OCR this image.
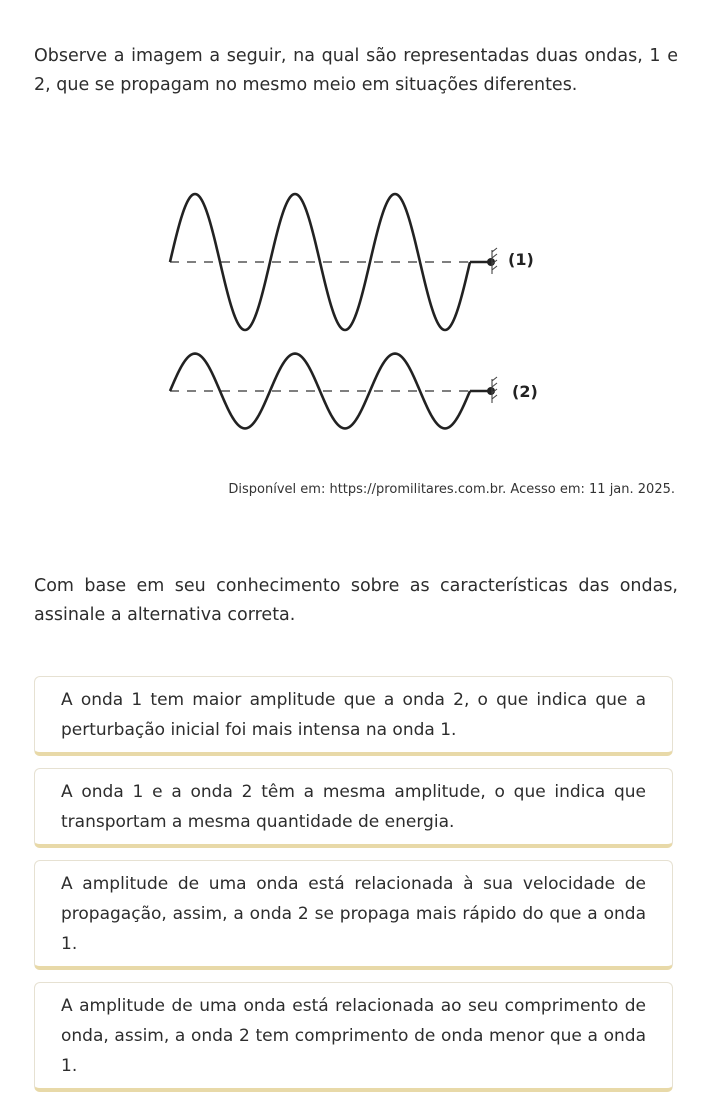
Observe a imagem a seguir, na qual são representadas duas ondas, 1 e 2, que se propagam no mesmo meio em situações diferentes.
(1)
(2)
Disponível em: https://promilitares.com.br. Acesso em: 11 jan. 2025.
Com base em seu conhecimento sobre as características das ondas, assinale a alternativa correta.
A onda 1 tem maior amplitude que a onda 2, o que indica que a perturbação inicial foi mais intensa na onda 1.
A onda 1 e a onda 2 têm a mesma amplitude, o que indica que transportam a mesma quantidade de energia.
A amplitude de uma onda está relacionada à sua velocidade de propagação, assim, a onda 2 se propaga mais rápido do que a onda 1.
A amplitude de uma onda está relacionada ao seu comprimento de onda, assim, a onda 2 tem comprimento de onda menor que a onda 1.
